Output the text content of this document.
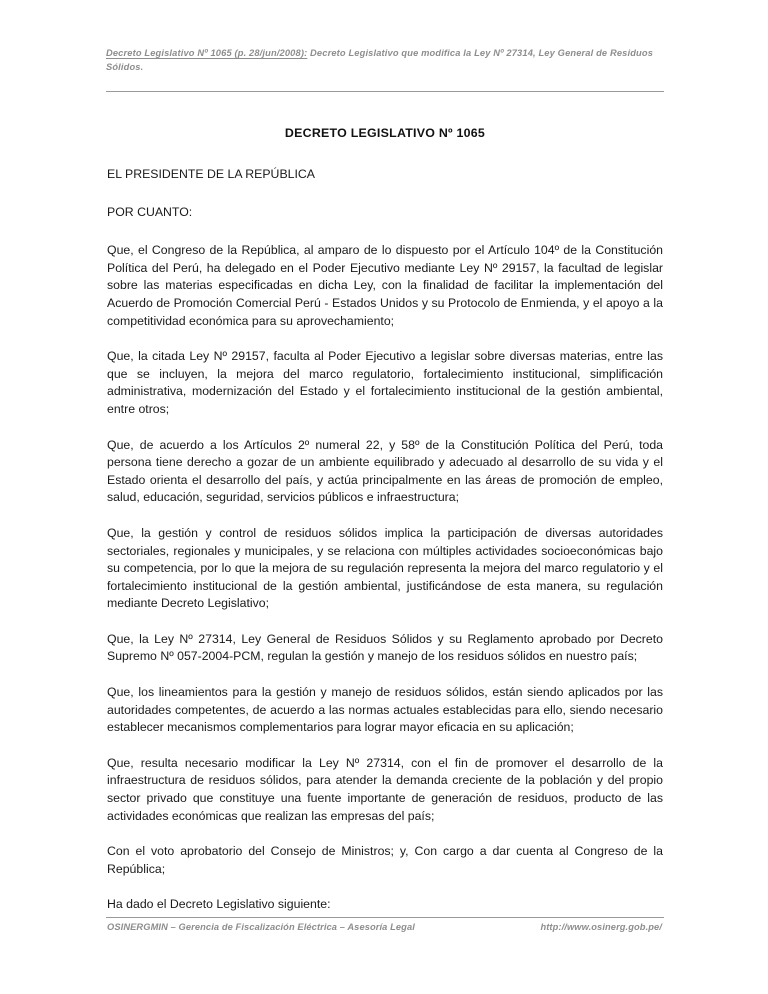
Decreto Legislativo Nº 1065 (p. 28/jun/2008): Decreto Legislativo que modifica la Ley Nº 27314, Ley General de Residuos Sólidos.

DECRETO LEGISLATIVO Nº 1065

EL PRESIDENTE DE LA REPÚBLICA

POR CUANTO:

Que, el Congreso de la República, al amparo de lo dispuesto por el Artículo 104º de la Constitución Política del Perú, ha delegado en el Poder Ejecutivo mediante Ley Nº 29157, la facultad de legislar sobre las materias especificadas en dicha Ley, con la finalidad de facilitar la implementación del Acuerdo de Promoción Comercial Perú - Estados Unidos y su Protocolo de Enmienda, y el apoyo a la competitividad económica para su aprovechamiento;

Que, la citada Ley Nº 29157, faculta al Poder Ejecutivo a legislar sobre diversas materias, entre las que se incluyen, la mejora del marco regulatorio, fortalecimiento institucional, simplificación administrativa, modernización del Estado y el fortalecimiento institucional de la gestión ambiental, entre otros;

Que, de acuerdo a los Artículos 2º numeral 22, y 58º de la Constitución Política del Perú, toda persona tiene derecho a gozar de un ambiente equilibrado y adecuado al desarrollo de su vida y el Estado orienta el desarrollo del país, y actúa principalmente en las áreas de promoción de empleo, salud, educación, seguridad, servicios públicos e infraestructura;

Que, la gestión y control de residuos sólidos implica la participación de diversas autoridades sectoriales, regionales y municipales, y se relaciona con múltiples actividades socioeconómicas bajo su competencia, por lo que la mejora de su regulación representa la mejora del marco regulatorio y el fortalecimiento institucional de la gestión ambiental, justificándose de esta manera, su regulación mediante Decreto Legislativo;

Que, la Ley Nº 27314, Ley General de Residuos Sólidos y su Reglamento aprobado por Decreto Supremo Nº 057-2004-PCM, regulan la gestión y manejo de los residuos sólidos en nuestro país;

Que, los lineamientos para la gestión y manejo de residuos sólidos, están siendo aplicados por las autoridades competentes, de acuerdo a las normas actuales establecidas para ello, siendo necesario establecer mecanismos complementarios para lograr mayor eficacia en su aplicación;

Que, resulta necesario modificar la Ley Nº 27314, con el fin de promover el desarrollo de la infraestructura de residuos sólidos, para atender la demanda creciente de la población y del propio sector privado que constituye una fuente importante de generación de residuos, producto de las actividades económicas que realizan las empresas del país;

Con el voto aprobatorio del Consejo de Ministros; y, Con cargo a dar cuenta al Congreso de la República;

Ha dado el Decreto Legislativo siguiente:

OSINERGMIN – Gerencia de Fiscalización Eléctrica – Asesoría Legal	http://www.osinerg.gob.pe/
